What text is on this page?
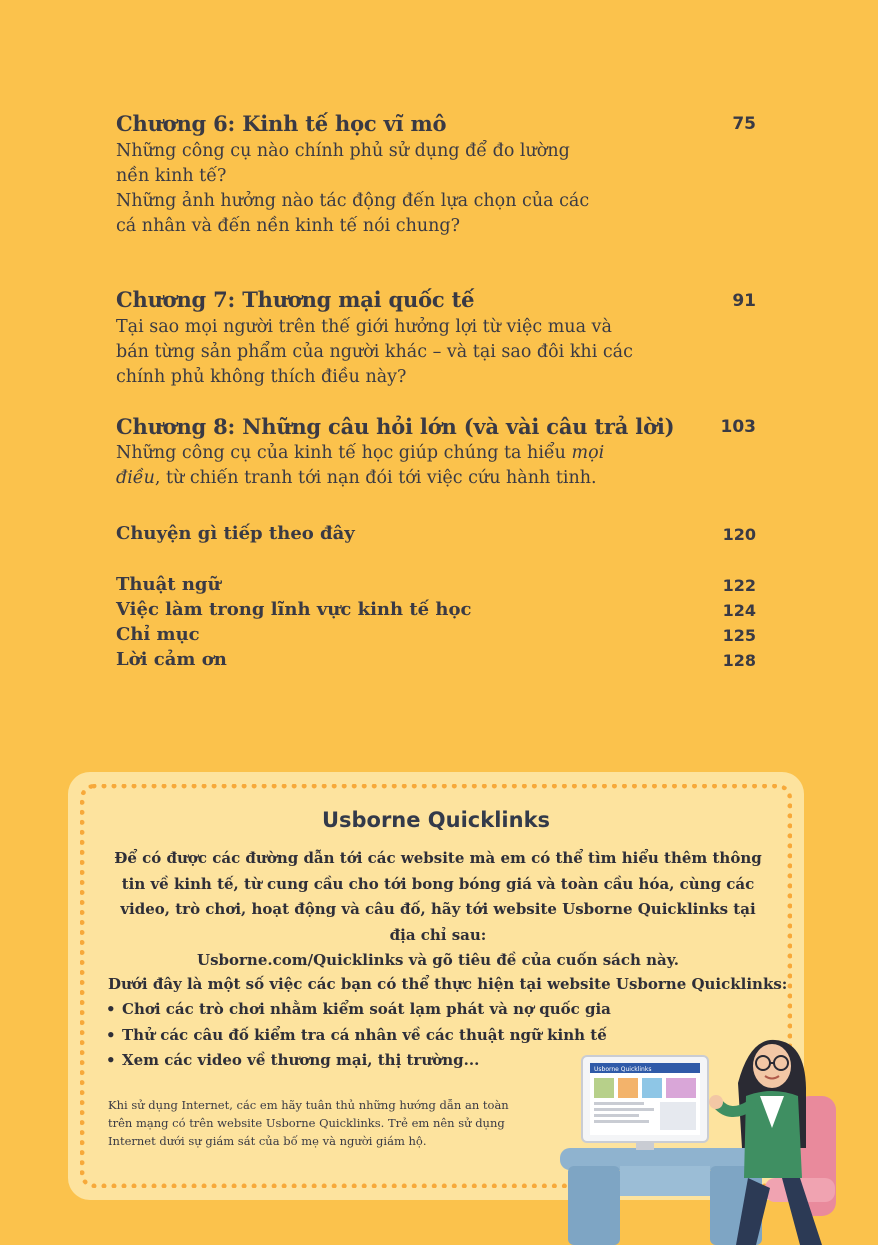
Chương 6: Kinh tế học vĩ mô	75

Những công cụ nào chính phủ sử dụng để đo lường nền kinh tế?

Những ảnh hưởng nào tác động đến lựa chọn của các cá nhân và đến nền kinh tế nói chung?

Chương 7: Thương mại quốc tế	91

Tại sao mọi người trên thế giới hưởng lợi từ việc mua và bán từng sản phẩm của người khác – và tại sao đôi khi các chính phủ không thích điều này?

Chương 8: Những câu hỏi lớn (và vài câu trả lời)	103

Những công cụ của kinh tế học giúp chúng ta hiểu mọi điều, từ chiến tranh tới nạn đói tới việc cứu hành tinh.

Chuyện gì tiếp theo đây	120
Thuật ngữ	122
Việc làm trong lĩnh vực kinh tế học	124
Chỉ mục	125
Lời cảm ơn	128
Usborne Quicklinks
Để có được các đường dẫn tới các website mà em có thể tìm hiểu thêm thông tin về kinh tế, từ cung cầu cho tới bong bóng giá và toàn cầu hóa, cùng các video, trò chơi, hoạt động và câu đố, hãy tới website Usborne Quicklinks tại địa chỉ sau:
Usborne.com/Quicklinks và gõ tiêu đề của cuốn sách này.
Dưới đây là một số việc các bạn có thể thực hiện tại website Usborne Quicklinks:
• Chơi các trò chơi nhằm kiểm soát lạm phát và nợ quốc gia
• Thử các câu đố kiểm tra cá nhân về các thuật ngữ kinh tế
• Xem các video về thương mại, thị trường...
Khi sử dụng Internet, các em hãy tuân thủ những hướng dẫn an toàn trên mạng có trên website Usborne Quicklinks. Trẻ em nên sử dụng Internet dưới sự giám sát của bố mẹ và người giám hộ.
Usborne Quicklinks
